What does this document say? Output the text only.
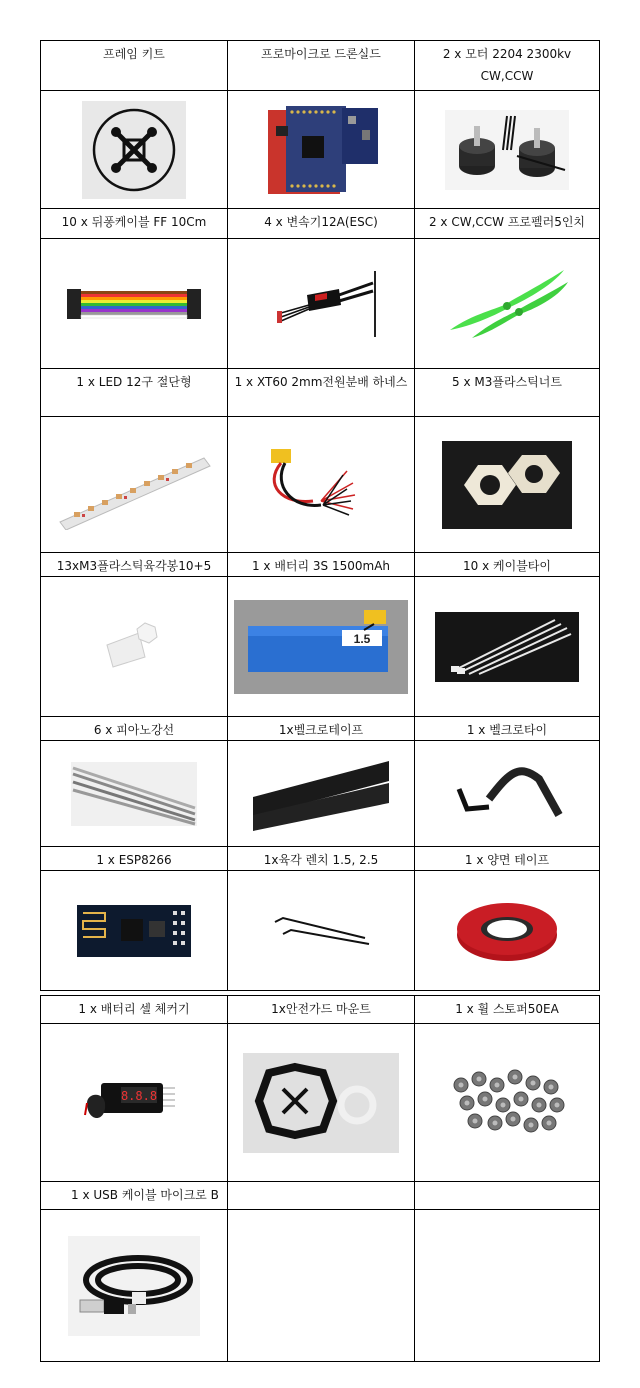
프레임 키트	프로마이크로 드론실드	2 x 모터 2204 2300kv CW,CCW
10 x 뒤퐁케이블 FF 10Cm	4 x 변속기12A(ESC)	2 x CW,CCW 프로펠러5인치
1 x LED 12구 절단형	1 x XT60 2mm전원분배 하네스	5 x M3플라스틱너트
13xM3플라스틱육각봉10+5	1 x 배터리 3S 1500mAh	10 x 케이블타이
1.5
6 x 피아노강선	1x벨크로테이프	1 x 벨크로타이
1 x ESP8266	1x육각 렌치 1.5, 2.5	1 x 양면 테이프
1 x 배터리 셀 체커기	1x안전가드 마운트	1 x 휠 스토퍼50EA
8.8.8
1 x USB 케이블 마이크로 B
